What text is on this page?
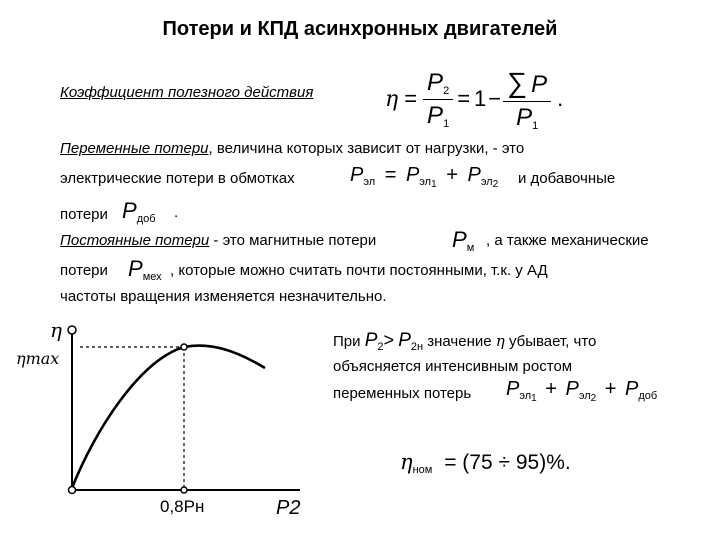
Потери и КПД асинхронных двигателей
Коэффициент полезного действия	$\eta = \frac{P_2}{P_1} = 1 - \frac{\sum P}{P_1}$ .
Переменные потери, величина которых зависит от нагрузки, - это
электрические потери в обмотках	$P_{эл} = P_{эл1} + P_{эл2}$ и добавочные
потери $P_{доб}$ .
Постоянные потери - это магнитные потери	$P_м$ , а также механические
потери $P_{мех}$ , которые можно считать почти постоянными, т.к. у АД
частоты вращения изменяется незначительно.
η
ηmax
0,8Pн	P2
При $P_2> P_{2н}$ значение η убывает, что
объясняется интенсивным ростом
переменных потерь $P_{эл1} + P_{эл2} + P_{доб}$
$\eta_{ном} = (75 \div 95)\%$.
